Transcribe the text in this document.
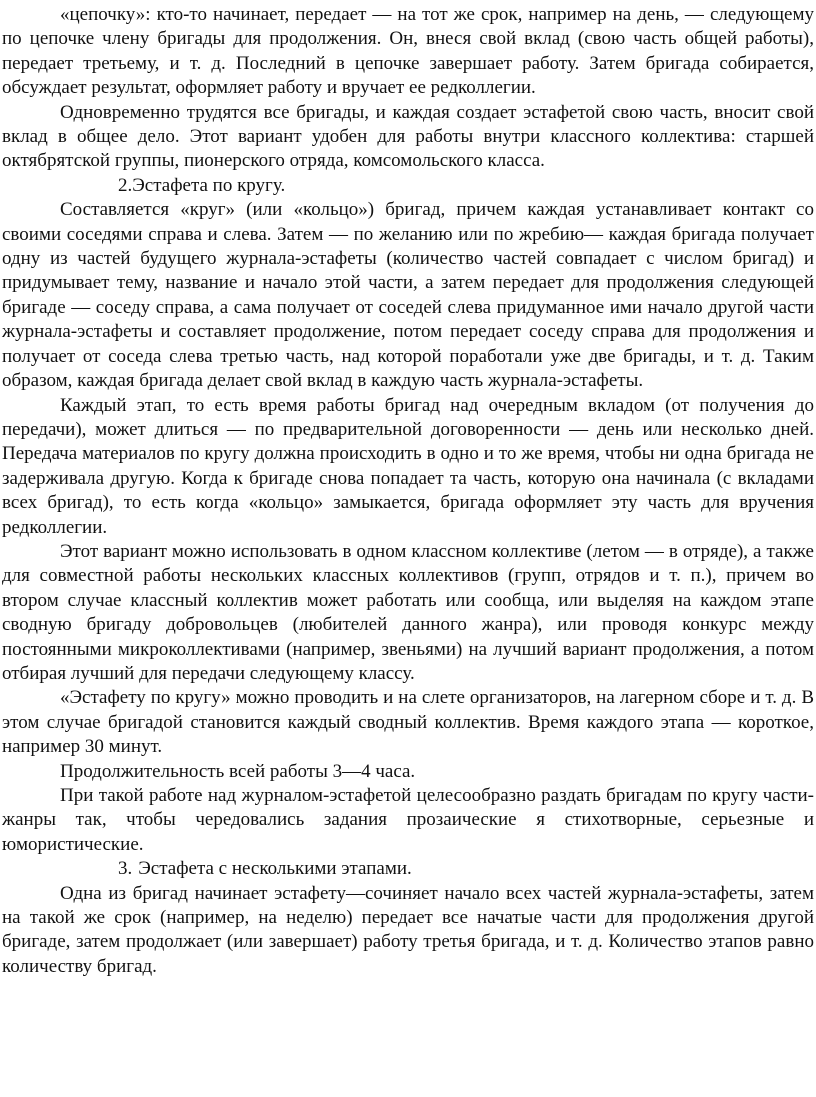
«цепочку»: кто-то начинает, передает — на тот же срок, например на день, — следующему по цепочке члену бригады для продолжения. Он, внеся свой вклад (свою часть общей работы), передает третьему, и т. д. Последний в цепочке завершает работу. Затем бригада собирается, обсуждает результат, оформляет работу и вручает ее редколлегии.

Одновременно трудятся все бригады, и каждая создает эстафетой свою часть, вносит свой вклад в общее дело. Этот вариант удобен для работы внутри классного коллектива: старшей октябрятской группы, пионерского отряда, комсомольского класса.

2.Эстафета по кругу.

Составляется «круг» (или «кольцо») бригад, причем каждая устанавливает контакт со своими соседями справа и слева. Затем — по желанию или по жребию— каждая бригада получает одну из частей будущего журнала-эстафеты (количество частей совпадает с числом бригад) и придумывает тему, название и начало этой части, а затем передает для продолжения следующей бригаде — соседу справа, а сама получает от соседей слева придуманное ими начало другой части журнала-эстафеты и составляет продолжение, потом передает соседу справа для продолжения и получает от соседа слева третью часть, над которой поработали уже две бригады, и т. д. Таким образом, каждая бригада делает свой вклад в каждую часть журнала-эстафеты.

Каждый этап, то есть время работы бригад над очередным вкладом (от получения до передачи), может длиться — по предварительной договоренности — день или несколько дней. Передача материалов по кругу должна происходить в одно и то же время, чтобы ни одна бригада не задерживала другую. Когда к бригаде снова попадает та часть, которую она начинала (с вкладами всех бригад), то есть когда «кольцо» замыкается, бригада оформляет эту часть для вручения редколлегии.

Этот вариант можно использовать в одном классном коллективе (летом — в отряде), а также для совместной работы нескольких классных коллективов (групп, отрядов и т. п.), причем во втором случае классный коллектив может работать или сообща, или выделяя на каждом этапе сводную бригаду добровольцев (любителей данного жанра), или проводя конкурс между постоянными микроколлективами (например, звеньями) на лучший вариант продолжения, а потом отбирая лучший для передачи следующему классу.

«Эстафету по кругу» можно проводить и на слете организаторов, на лагерном сборе и т. д. В этом случае бригадой становится каждый сводный коллектив. Время каждого этапа — короткое, например 30 минут.

Продолжительность всей работы 3—4 часа.

При такой работе над журналом-эстафетой целесообразно раздать бригадам по кругу части-жанры так, чтобы чередовались задания прозаические я стихотворные, серьезные и юмористические.

3. Эстафета с несколькими этапами.

Одна из бригад начинает эстафету—сочиняет начало всех частей журнала-эстафеты, затем на такой же срок (например, на неделю) передает все начатые части для продолжения другой бригаде, затем продолжает (или завершает) работу третья бригада, и т. д. Количество этапов равно количеству бригад.
